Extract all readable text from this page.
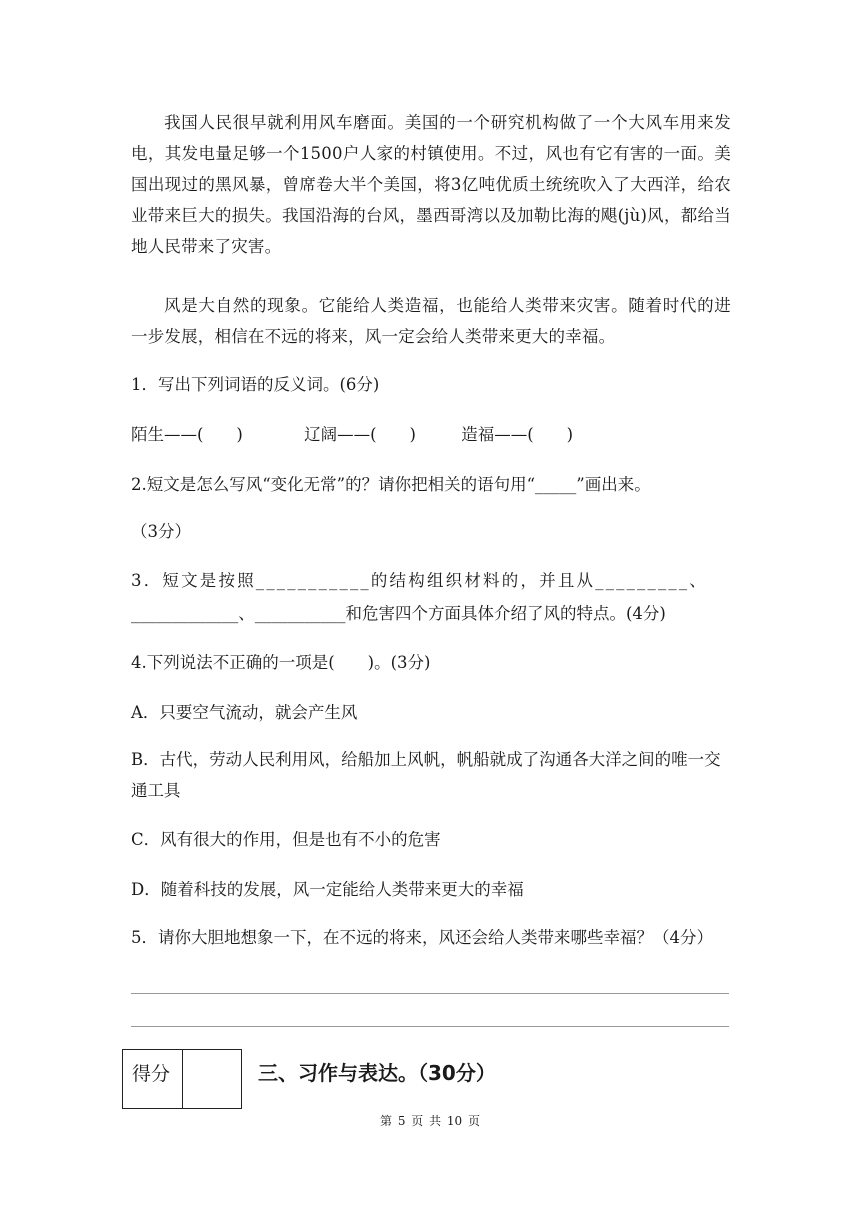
我国人民很早就利用风车磨面。美国的一个研究机构做了一个大风车用来发电，其发电量足够一个1500户人家的村镇使用。不过，风也有它有害的一面。美国出现过的黑风暴，曾席卷大半个美国，将3亿吨优质土统统吹入了大西洋，给农业带来巨大的损失。我国沿海的台风，墨西哥湾以及加勒比海的飓(jù)风，都给当地人民带来了灾害。

风是大自然的现象。它能给人类造福，也能给人类带来灾害。随着时代的进一步发展，相信在不远的将来，风一定会给人类带来更大的幸福。

1．写出下列词语的反义词。(6分)

陌生——(　　)	辽阔——(　　)	造福——(　　)

2.短文是怎么写风“变化无常”的？请你把相关的语句用“_____”画出来。

（3分）

3．短文是按照___________的结构组织材料的，并且从_________、

_____________、___________和危害四个方面具体介绍了风的特点。(4分)

4.下列说法不正确的一项是(　　)。(3分)

A．只要空气流动，就会产生风

B．古代，劳动人民利用风，给船加上风帆，帆船就成了沟通各大洋之间的唯一交通工具

C．风有很大的作用，但是也有不小的危害

D．随着科技的发展，风一定能给人类带来更大的幸福

5．请你大胆地想象一下，在不远的将来，风还会给人类带来哪些幸福？（4分）

得分	三、习作与表达。（30分）
第 5 页 共 10 页
